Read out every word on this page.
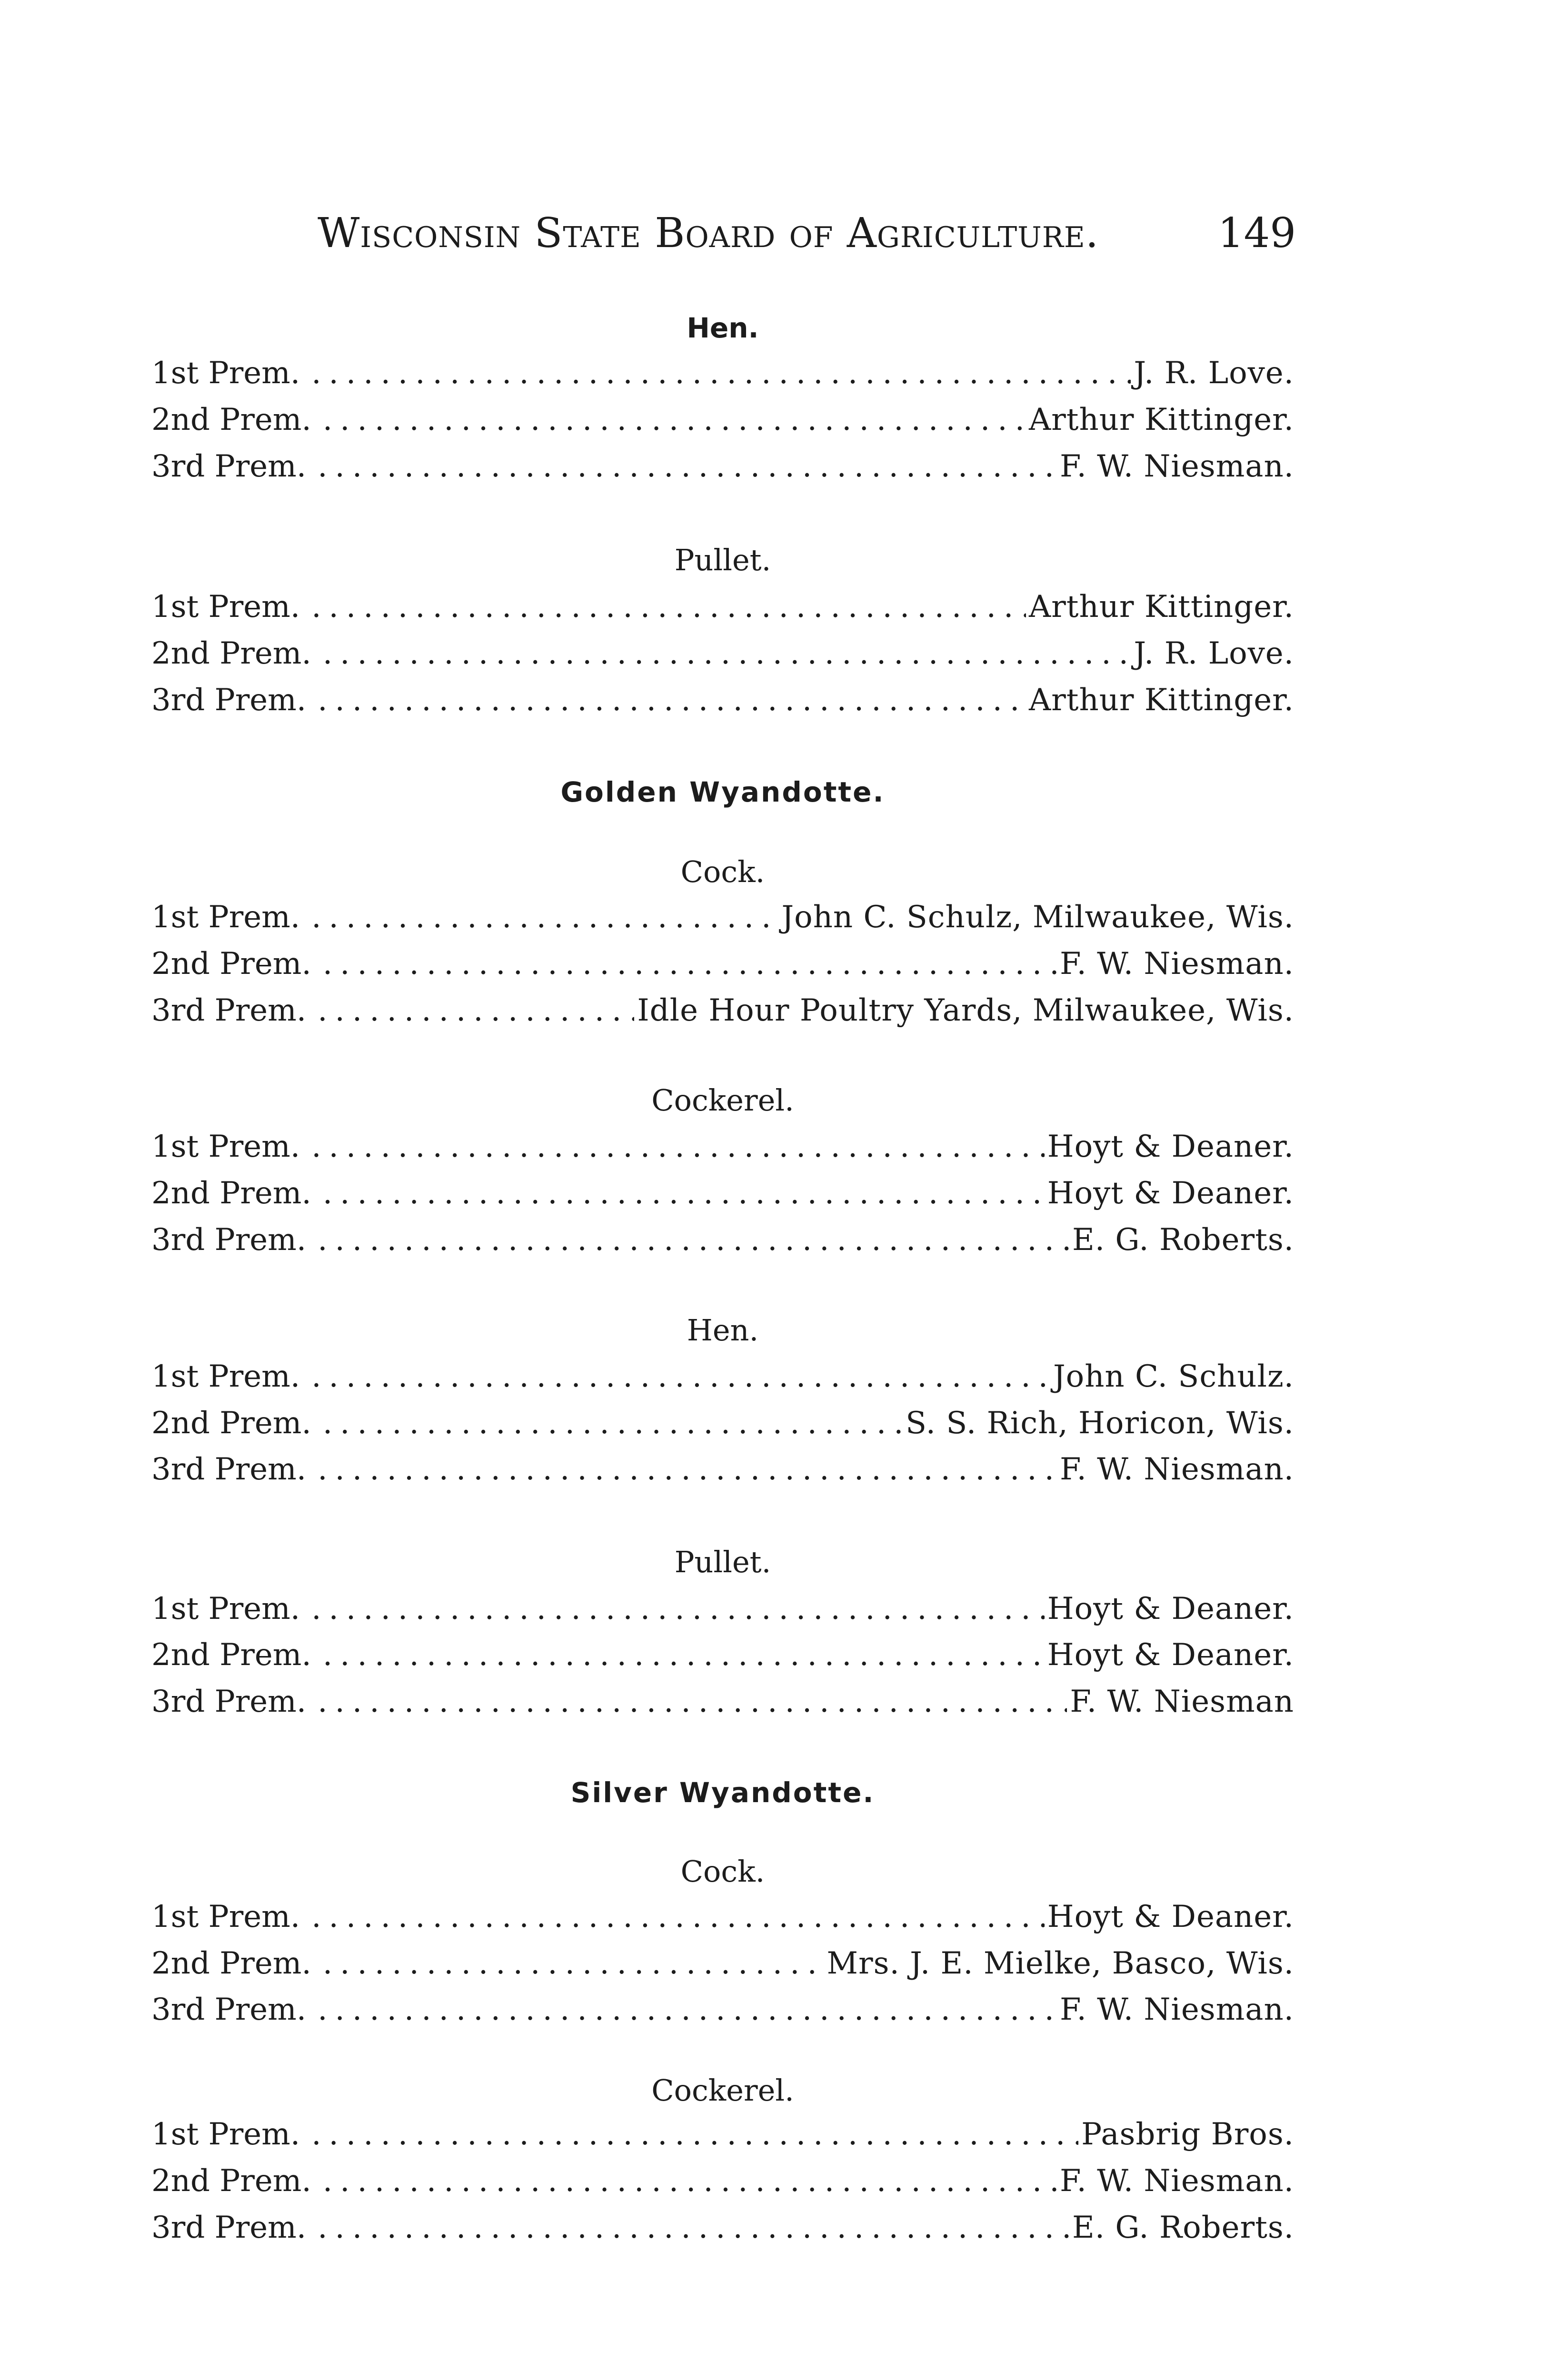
Wisconsin State Board of Agriculture.	149
Hen.
1st Prem. .....	J. R. Love.
2nd Prem. .....	Arthur Kittinger.
3rd Prem. .....	F. W. Niesman.
Pullet.
1st Prem. .....	Arthur Kittinger.
2nd Prem. .....	J. R. Love.
3rd Prem. .....	Arthur Kittinger.
Golden Wyandotte.
Cock.
1st Prem. .....	John C. Schulz, Milwaukee, Wis.
2nd Prem. .....	F. W. Niesman.
3rd Prem. .....	Idle Hour Poultry Yards, Milwaukee, Wis.
Cockerel.
1st Prem. .....	Hoyt & Deaner.
2nd Prem. .....	Hoyt & Deaner.
3rd Prem. .....	E. G. Roberts.
Hen.
1st Prem. .....	John C. Schulz.
2nd Prem. .....	S. S. Rich, Horicon, Wis.
3rd Prem. .....	F. W. Niesman.
Pullet.
1st Prem. .....	Hoyt & Deaner.
2nd Prem. .....	Hoyt & Deaner.
3rd Prem. .....	F. W. Niesman
Silver Wyandotte.
Cock.
1st Prem. .....	Hoyt & Deaner.
2nd Prem. .....	Mrs. J. E. Mielke, Basco, Wis.
3rd Prem. .....	F. W. Niesman.
Cockerel.
1st Prem. .....	Pasbrig Bros.
2nd Prem. .....	F. W. Niesman.
3rd Prem. .....	E. G. Roberts.
